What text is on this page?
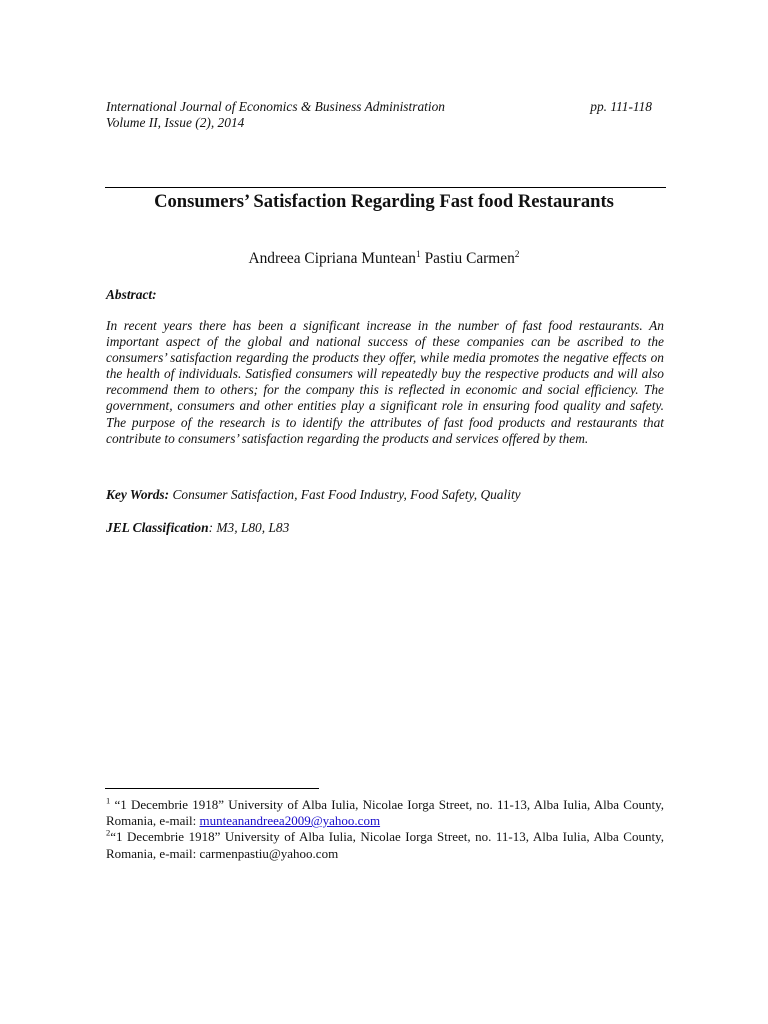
International Journal of Economics & Business Administration	pp. 111-118
Volume II, Issue (2), 2014
Consumers’ Satisfaction Regarding Fast food Restaurants
Andreea Cipriana Muntean$^1$ Pastiu Carmen$^2$
Abstract:
In recent years there has been a significant increase in the number of fast food restaurants. An important aspect of the global and national success of these companies can be ascribed to the consumers’ satisfaction regarding the products they offer, while media promotes the negative effects on the health of individuals. Satisfied consumers will repeatedly buy the respective products and will also recommend them to others; for the company this is reflected in economic and social efficiency. The government, consumers and other entities play a significant role in ensuring food quality and safety. The purpose of the research is to identify the attributes of fast food products and restaurants that contribute to consumers’ satisfaction regarding the products and services offered by them.
Key Words: Consumer Satisfaction, Fast Food Industry, Food Safety, Quality
JEL Classification: M3, L80, L83

$^1$ “1 Decembrie 1918” University of Alba Iulia, Nicolae Iorga Street, no. 11-13, Alba Iulia, Alba County, Romania, e-mail: munteanandreea2009@yahoo.com

$^2$“1 Decembrie 1918” University of Alba Iulia, Nicolae Iorga Street, no. 11-13, Alba Iulia, Alba County, Romania, e-mail: carmenpastiu@yahoo.com
